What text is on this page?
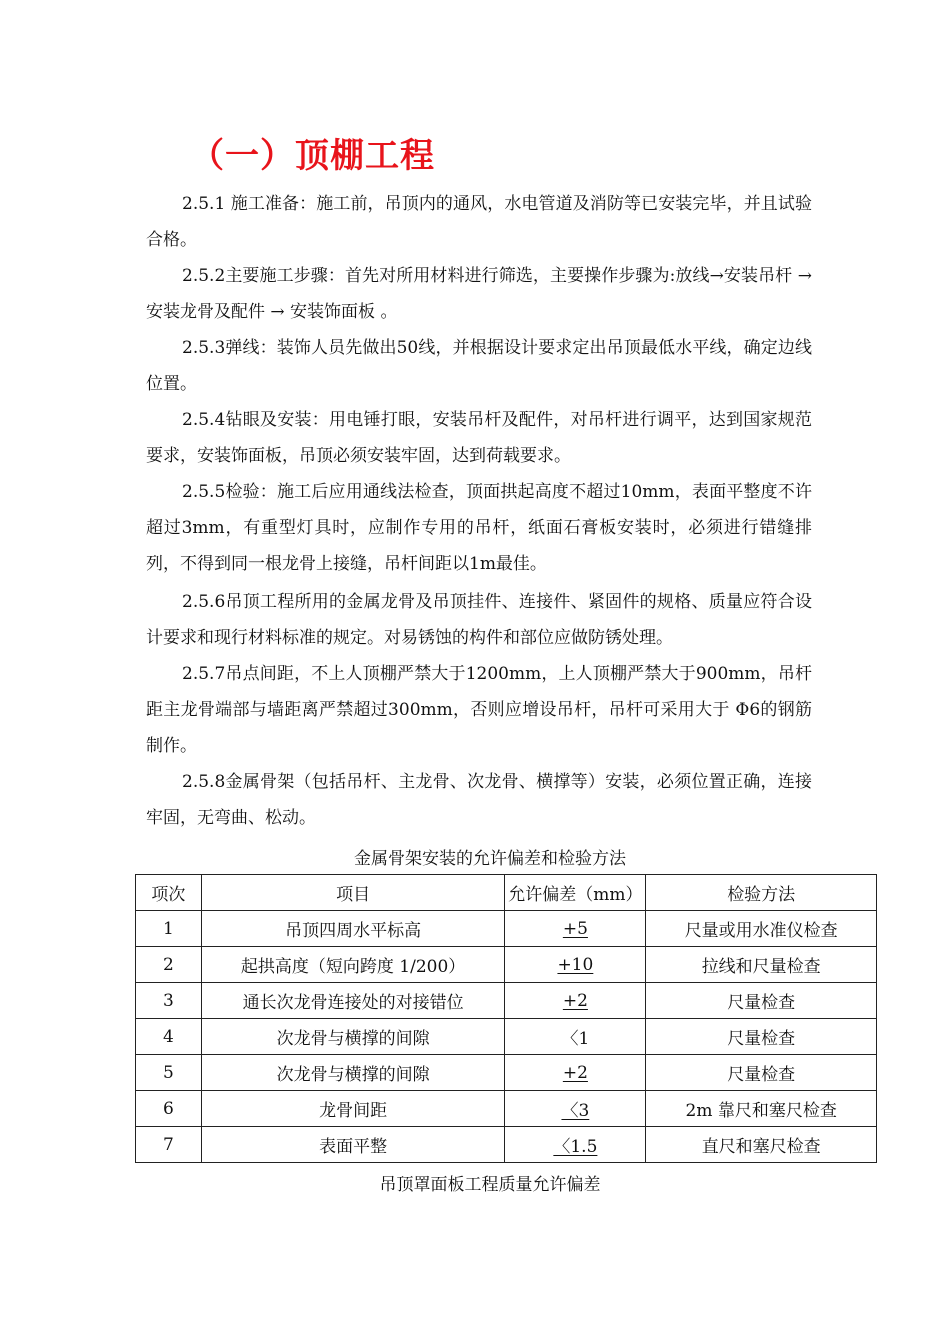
（一）顶棚工程
2.5.1 施工准备：施工前，吊顶内的通风，水电管道及消防等已安装完毕，并且试验合格。
2.5.2主要施工步骤：首先对所用材料进行筛选，主要操作步骤为:放线→安装吊杆 →安装龙骨及配件 → 安装饰面板 。
2.5.3弹线：装饰人员先做出50线，并根据设计要求定出吊顶最低水平线，确定边线位置。
2.5.4钻眼及安装：用电锤打眼，安装吊杆及配件，对吊杆进行调平，达到国家规范要求，安装饰面板，吊顶必须安装牢固，达到荷载要求。
2.5.5检验：施工后应用通线法检查，顶面拱起高度不超过10mm，表面平整度不许超过3mm，有重型灯具时，应制作专用的吊杆，纸面石膏板安装时，必须进行错缝排列，不得到同一根龙骨上接缝，吊杆间距以1m最佳。
2.5.6吊顶工程所用的金属龙骨及吊顶挂件、连接件、紧固件的规格、质量应符合设计要求和现行材料标准的规定。对易锈蚀的构件和部位应做防锈处理。
2.5.7吊点间距，不上人顶棚严禁大于1200mm，上人顶棚严禁大于900mm，吊杆距主龙骨端部与墙距离严禁超过300mm，否则应增设吊杆，吊杆可采用大于 Φ6的钢筋制作。
2.5.8金属骨架（包括吊杆、主龙骨、次龙骨、横撑等）安装，必须位置正确，连接牢固，无弯曲、松动。
金属骨架安装的允许偏差和检验方法
项次	项目	允许偏差（mm）	检验方法
1	吊顶四周水平标高	+5	尺量或用水准仪检查
2	起拱高度（短向跨度 1/200）	+10	拉线和尺量检查
3	通长次龙骨连接处的对接错位	+2	尺量检查
4	次龙骨与横撑的间隙	〈1	尺量检查
5	次龙骨与横撑的间隙	+2	尺量检查
6	龙骨间距	〈3	2m 靠尺和塞尺检查
7	表面平整	〈1.5	直尺和塞尺检查
吊顶罩面板工程质量允许偏差
